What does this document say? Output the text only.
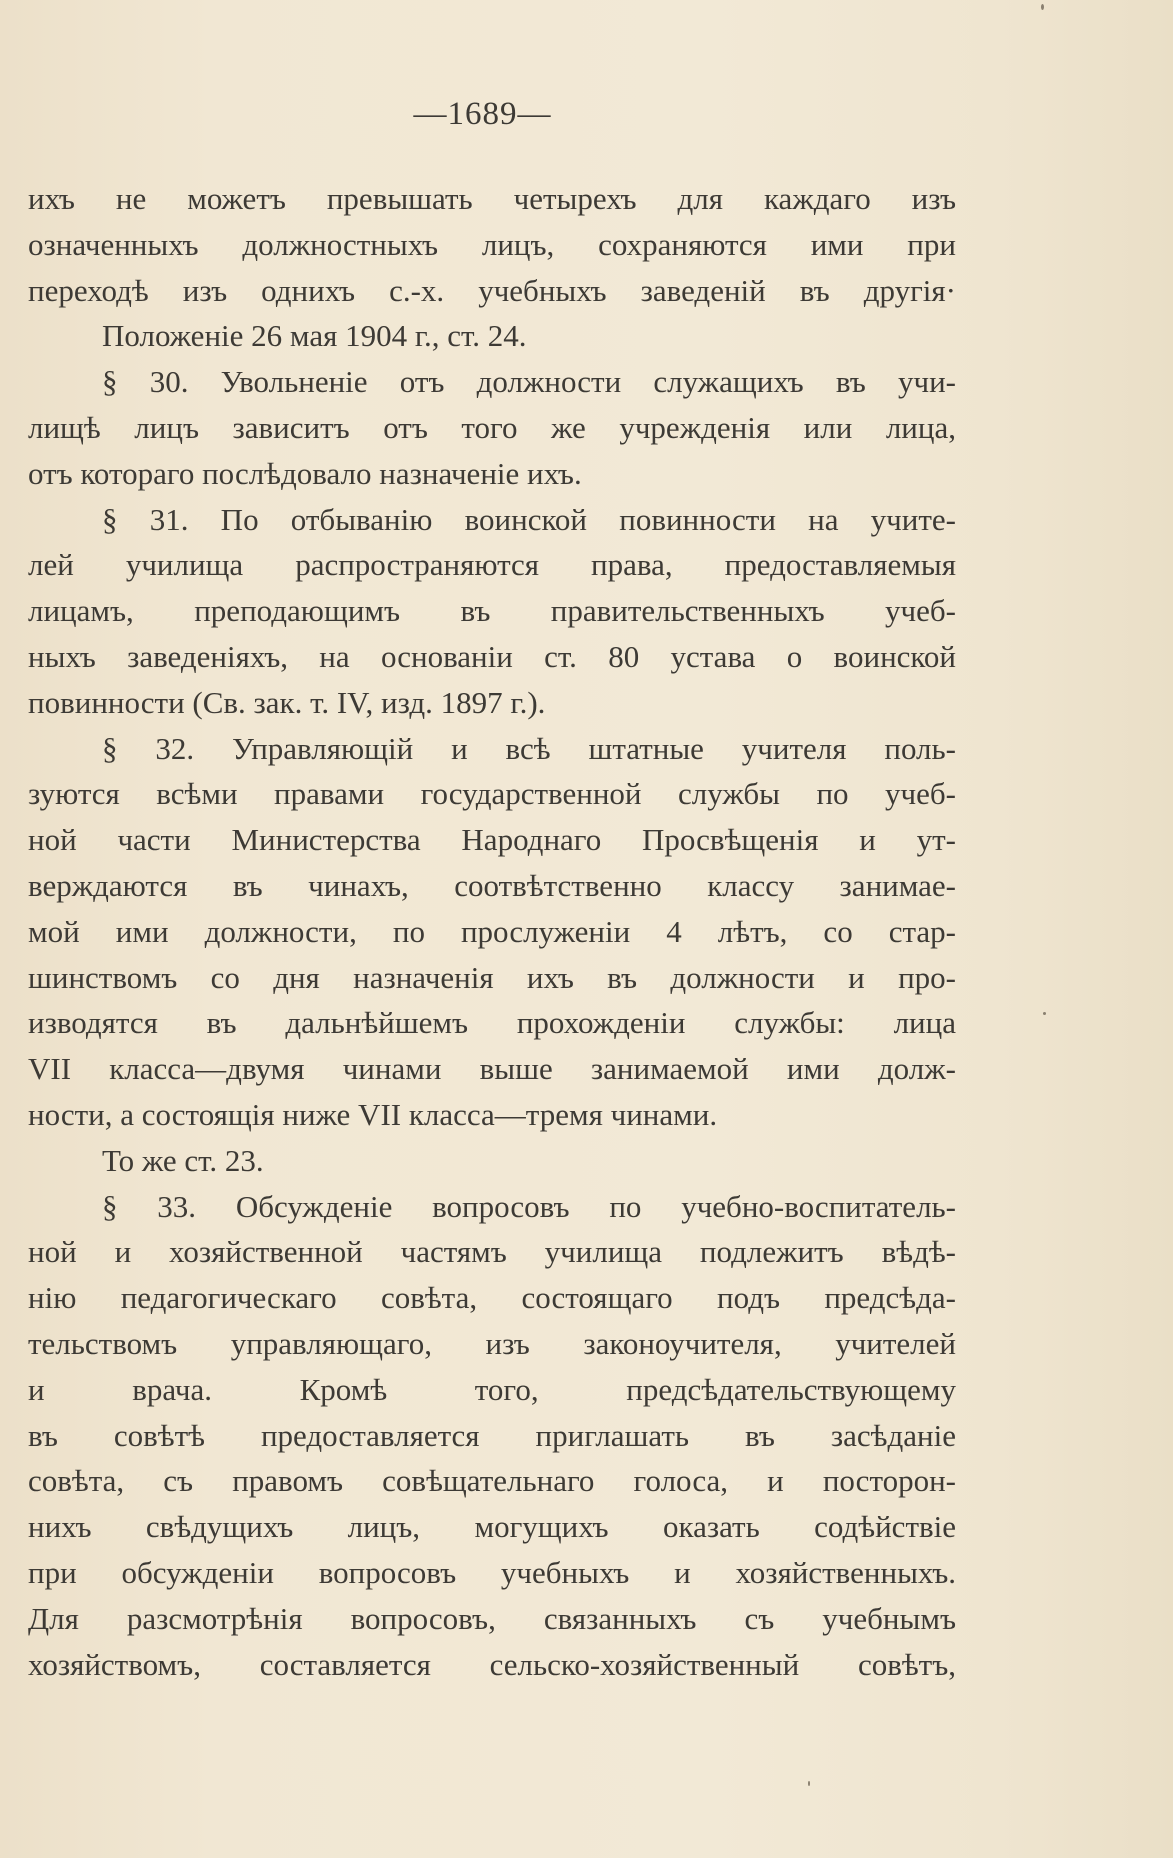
—1689—
ихъ не можетъ превышать четырехъ для каждаго изъ
означенныхъ должностныхъ лицъ, сохраняются ими при
переходѣ изъ однихъ с.-х. учебныхъ заведеній въ другія·
Положеніе 26 мая 1904 г., ст. 24.
§ 30. Увольненіе отъ должности служащихъ въ учи-
лищѣ лицъ зависитъ отъ того же учрежденія или лица,
отъ котораго послѣдовало назначеніе ихъ.
§ 31. По отбыванію воинской повинности на учите-
лей училища распространяются права, предоставляемыя
лицамъ, преподающимъ въ правительственныхъ учеб-
ныхъ заведеніяхъ, на основаніи ст. 80 устава о воинской
повинности (Св. зак. т. IV, изд. 1897 г.).
§ 32. Управляющій и всѣ штатные учителя поль-
зуются всѣми правами государственной службы по учеб-
ной части Министерства Народнаго Просвѣщенія и ут-
верждаются въ чинахъ, соотвѣтственно классу занимае-
мой ими должности, по прослуженіи 4 лѣтъ, со стар-
шинствомъ со дня назначенія ихъ въ должности и про-
изводятся въ дальнѣйшемъ прохожденіи службы: лица
VII класса—двумя чинами выше занимаемой ими долж-
ности, а состоящія ниже VII класса—тремя чинами.
То же ст. 23.
§ 33. Обсужденіе вопросовъ по учебно-воспитатель-
ной и хозяйственной частямъ училища подлежитъ вѣдѣ-
нію педагогическаго совѣта, состоящаго подъ предсѣда-
тельствомъ управляющаго, изъ законоучителя, учителей
и врача. Кромѣ того, предсѣдательствующему
въ совѣтѣ предоставляется приглашать въ засѣданіе
совѣта, съ правомъ совѣщательнаго голоса, и посторон-
нихъ свѣдущихъ лицъ, могущихъ оказать содѣйствіе
при обсужденіи вопросовъ учебныхъ и хозяйственныхъ.
Для разсмотрѣнія вопросовъ, связанныхъ съ учебнымъ
хозяйствомъ, составляется сельско-хозяйственный совѣтъ,
